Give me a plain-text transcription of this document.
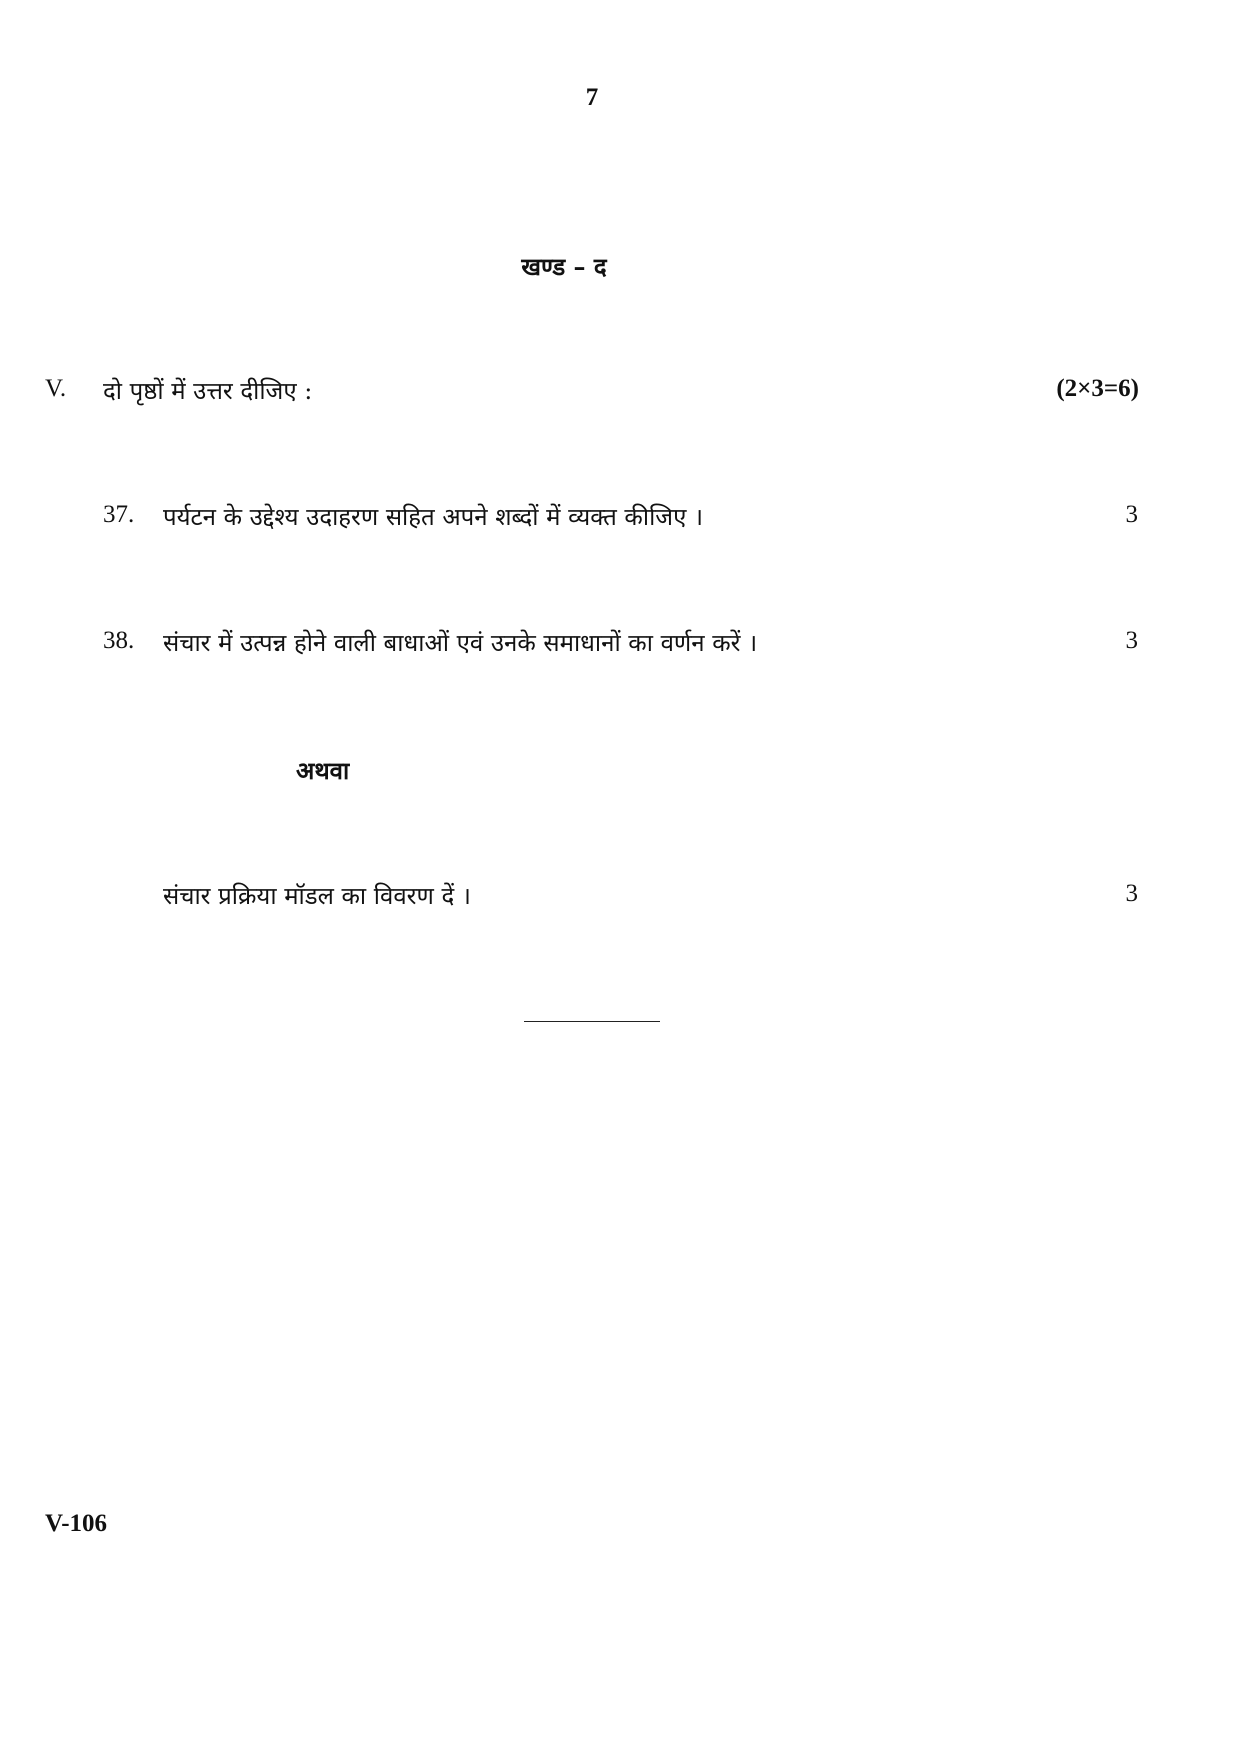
7
खण्ड – द
V. दो पृष्ठों में उत्तर दीजिए :	(2×3=6)
37. पर्यटन के उद्देश्य उदाहरण सहित अपने शब्दों में व्यक्त कीजिए ।	3
38. संचार में उत्पन्न होने वाली बाधाओं एवं उनके समाधानों का वर्णन करें ।	3
अथवा
संचार प्रक्रिया मॉडल का विवरण दें ।	3
V-106
